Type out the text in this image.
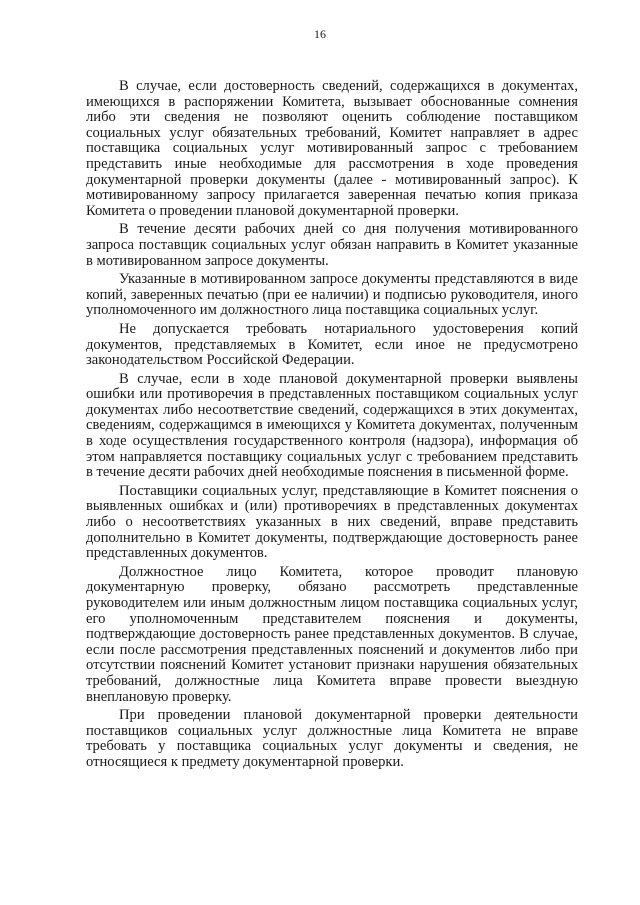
16

В случае, если достоверность сведений, содержащихся в документах, имеющихся в распоряжении Комитета, вызывает обоснованные сомнения либо эти сведения не позволяют оценить соблюдение поставщиком социальных услуг обязательных требований, Комитет направляет в адрес поставщика социальных услуг мотивированный запрос с требованием представить иные необходимые для рассмотрения в ходе проведения документарной проверки документы (далее - мотивированный запрос). К мотивированному запросу прилагается заверенная печатью копия приказа Комитета о проведении плановой документарной проверки.

В течение десяти рабочих дней со дня получения мотивированного запроса поставщик социальных услуг обязан направить в Комитет указанные в мотивированном запросе документы.

Указанные в мотивированном запросе документы представляются в виде копий, заверенных печатью (при ее наличии) и подписью руководителя, иного уполномоченного им должностного лица поставщика социальных услуг.

Не допускается требовать нотариального удостоверения копий документов, представляемых в Комитет, если иное не предусмотрено законодательством Российской Федерации.

В случае, если в ходе плановой документарной проверки выявлены ошибки или противоречия в представленных поставщиком социальных услуг документах либо несоответствие сведений, содержащихся в этих документах, сведениям, содержащимся в имеющихся у Комитета документах, полученным в ходе осуществления государственного контроля (надзора), информация об этом направляется поставщику социальных услуг с требованием представить в течение десяти рабочих дней необходимые пояснения в письменной форме.

Поставщики социальных услуг, представляющие в Комитет пояснения о выявленных ошибках и (или) противоречиях в представленных документах либо о несоответствиях указанных в них сведений, вправе представить дополнительно в Комитет документы, подтверждающие достоверность ранее представленных документов.

Должностное лицо Комитета, которое проводит плановую документарную проверку, обязано рассмотреть представленные руководителем или иным должностным лицом поставщика социальных услуг, его уполномоченным представителем пояснения и документы, подтверждающие достоверность ранее представленных документов. В случае, если после рассмотрения представленных пояснений и документов либо при отсутствии пояснений Комитет установит признаки нарушения обязательных требований, должностные лица Комитета вправе провести выездную внеплановую проверку.

При проведении плановой документарной проверки деятельности поставщиков социальных услуг должностные лица Комитета не вправе требовать у поставщика социальных услуг документы и сведения, не относящиеся к предмету документарной проверки.
